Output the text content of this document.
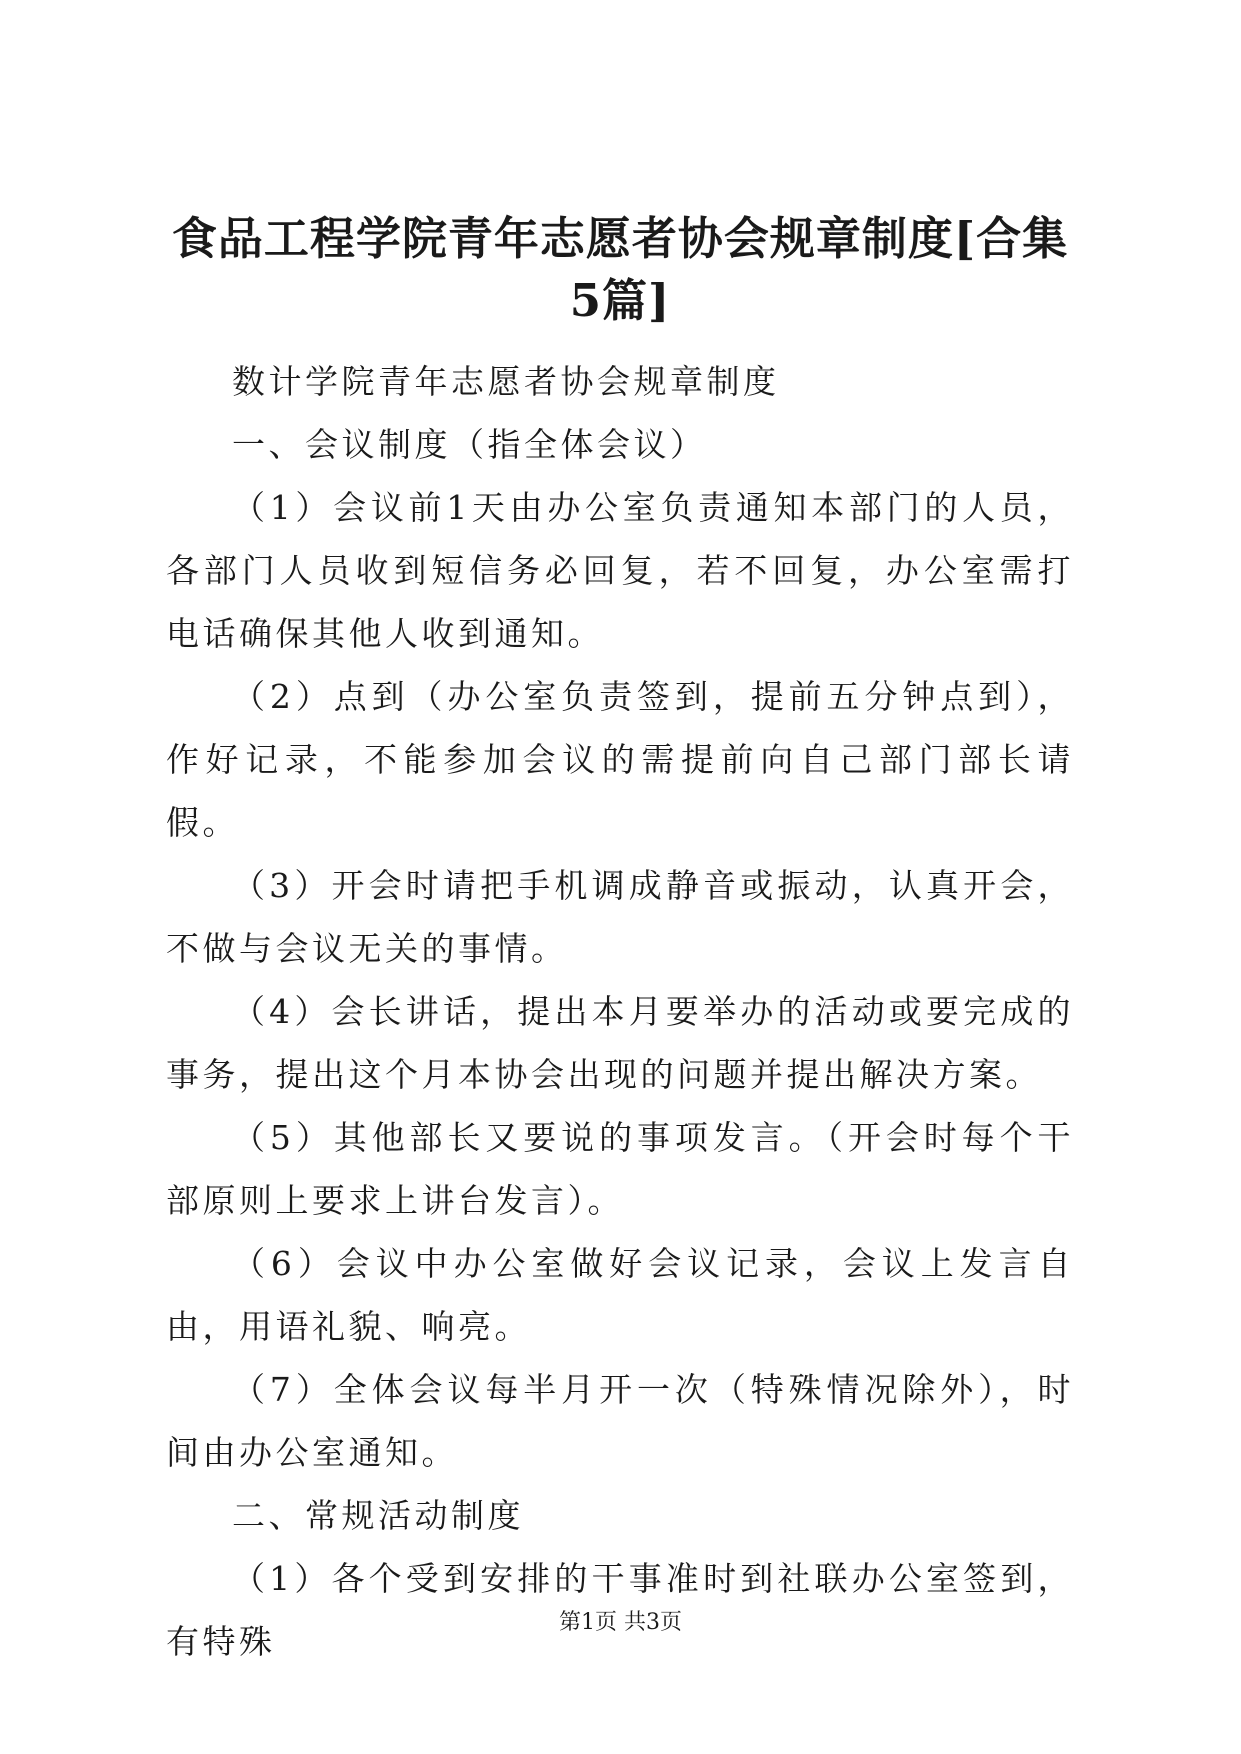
食品工程学院青年志愿者协会规章制度[合集
5篇]

数计学院青年志愿者协会规章制度

一、会议制度（指全体会议）

（1）会议前1天由办公室负责通知本部门的人员，各部门人员收到短信务必回复，若不回复，办公室需打电话确保其他人收到通知。

（2）点到（办公室负责签到，提前五分钟点到），作好记录，不能参加会议的需提前向自己部门部长请假。

（3）开会时请把手机调成静音或振动，认真开会，不做与会议无关的事情。

（4）会长讲话，提出本月要举办的活动或要完成的事务，提出这个月本协会出现的问题并提出解决方案。

（5）其他部长又要说的事项发言。（开会时每个干部原则上要求上讲台发言）。

（6）会议中办公室做好会议记录，会议上发言自由，用语礼貌、响亮。

（7）全体会议每半月开一次（特殊情况除外），时间由办公室通知。

二、常规活动制度

（1）各个受到安排的干事准时到社联办公室签到，有特殊	第1页 共3页
